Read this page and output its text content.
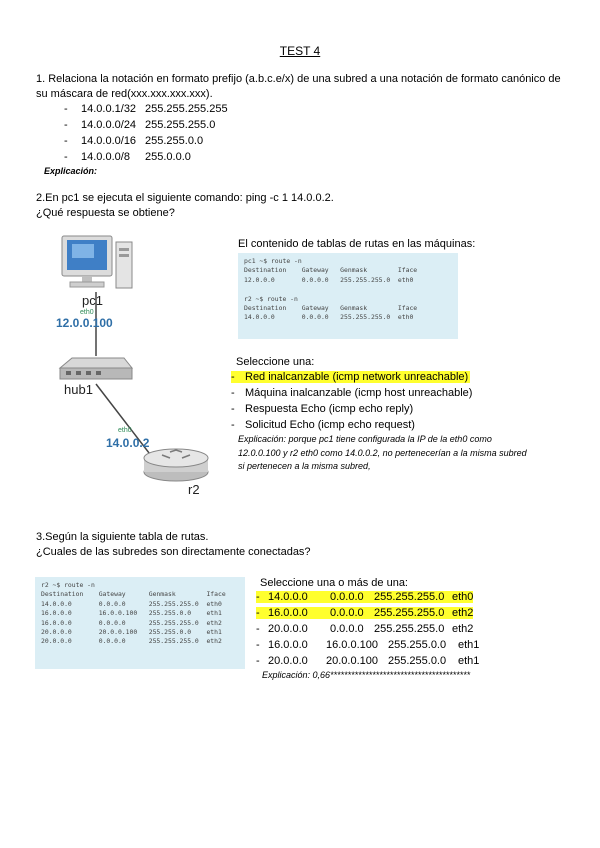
TEST 4
1. Relaciona la notación en formato prefijo (a.b.c.e/x) de una subred a una notación de formato canónico de su máscara de red(xxx.xxx.xxx.xxx).
- 14.0.0.1/32 255.255.255.255
- 14.0.0.0/24 255.255.255.0
- 14.0.0.0/16 255.255.0.0
- 14.0.0.0/8 255.0.0.0
Explicación:
2.En pc1 se ejecuta el siguiente comando: ping -c 1 14.0.0.2.
¿Qué respuesta se obtiene?
pc1
eth0
12.0.0.100
hub1
eth0
14.0.0.2
r2
El contenido de tablas de rutas en las máquinas:
pc1 ~$ route -n
Destination    Gateway   Genmask        Iface
12.0.0.0       0.0.0.0   255.255.255.0  eth0
r2 ~$ route -n
Destination    Gateway   Genmask        Iface
14.0.0.0       0.0.0.0   255.255.255.0  eth0
Seleccione una:
- Red inalcanzable (icmp network unreachable)
- Máquina inalcanzable (icmp host unreachable)
- Respuesta Echo (icmp echo reply)
- Solicitud Echo (icmp echo request)
Explicación: porque pc1 tiene configurada la IP de la eth0 como
12.0.0.100 y r2 eth0 como 14.0.0.2, no pertenecerían a la misma subred
si pertenecen a la misma subred,
3.Según la siguiente tabla de rutas.
¿Cuales de las subredes son directamente conectadas?
r2 ~$ route -n
Destination    Gateway      Genmask        Iface
14.0.0.0       0.0.0.0      255.255.255.0  eth0
16.0.0.0       16.0.0.100   255.255.0.0    eth1
16.0.0.0       0.0.0.0      255.255.255.0  eth2
20.0.0.0       20.0.0.100   255.255.0.0    eth1
20.0.0.0       0.0.0.0      255.255.255.0  eth2
Seleccione una o más de una:
- 14.0.0.0 0.0.0.0 255.255.255.0 eth0
- 16.0.0.0 0.0.0.0 255.255.255.0 eth2
- 20.0.0.0 0.0.0.0 255.255.255.0 eth2
- 16.0.0.0 16.0.0.100 255.255.0.0 eth1
- 20.0.0.0 20.0.0.100 255.255.0.0 eth1
Explicación: 0,66****************************************
